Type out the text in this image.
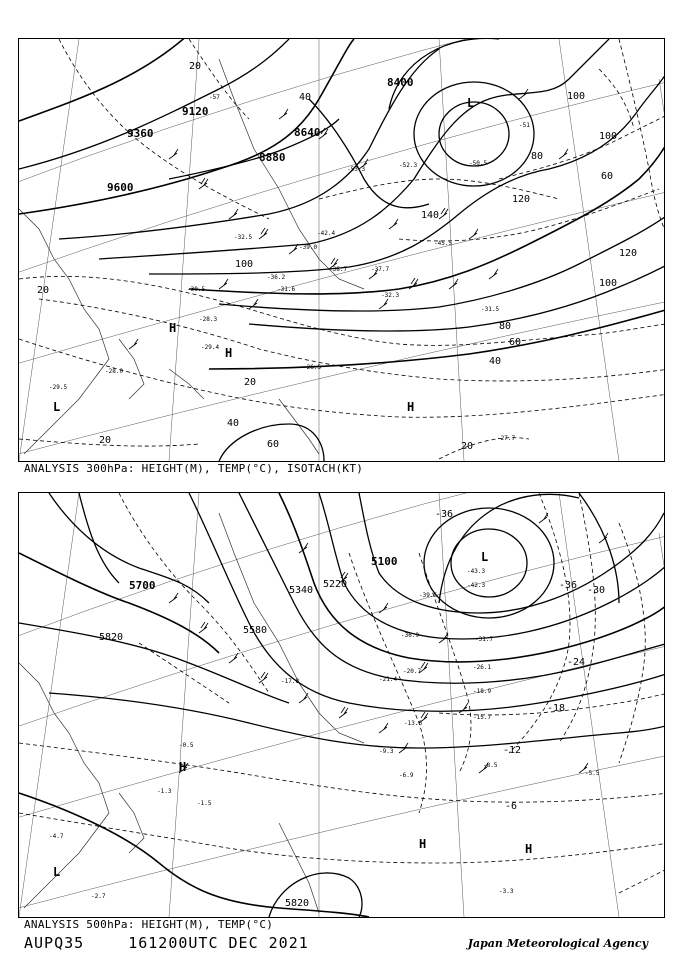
9120
9360
9600
8640
8880
8400
20
20
20
20
20
40
40
40
60
60
60
80
80
100
100
100
100
120
120
140
-57
-51
-53.3
-50.5
-52.3
-45.5
-42.4
-39.0
-38.7	-37.7
-36.2
-32.3
-31.5
-30.5	-31.6
-28.3
-26.5
-27.7
-29.5
-29.4
-28.0
-32.5
L
H
H
H
L
ANALYSIS 300hPa: HEIGHT(M), TEMP(°C), ISOTACH(KT)
5700
5820
5580
5220
5340
5100
5820
-36
-36 -30
-24
-18
-12
-6
-43.3
-42.3
-39.5
-36.9
-31.7
-26.1
-21.4
-18.9
-15.7
-13.6
-9.3
-6.9
-8.5
-5.5
-3.3
-1.5
-1.3
-0.5
-2.7
-4.7
-17.8
-20.7
L
H
H	H
L
ANALYSIS 500hPa: HEIGHT(M), TEMP(°C)
AUPQ35	161200UTC DEC 2021	Japan Meteorological Agency
